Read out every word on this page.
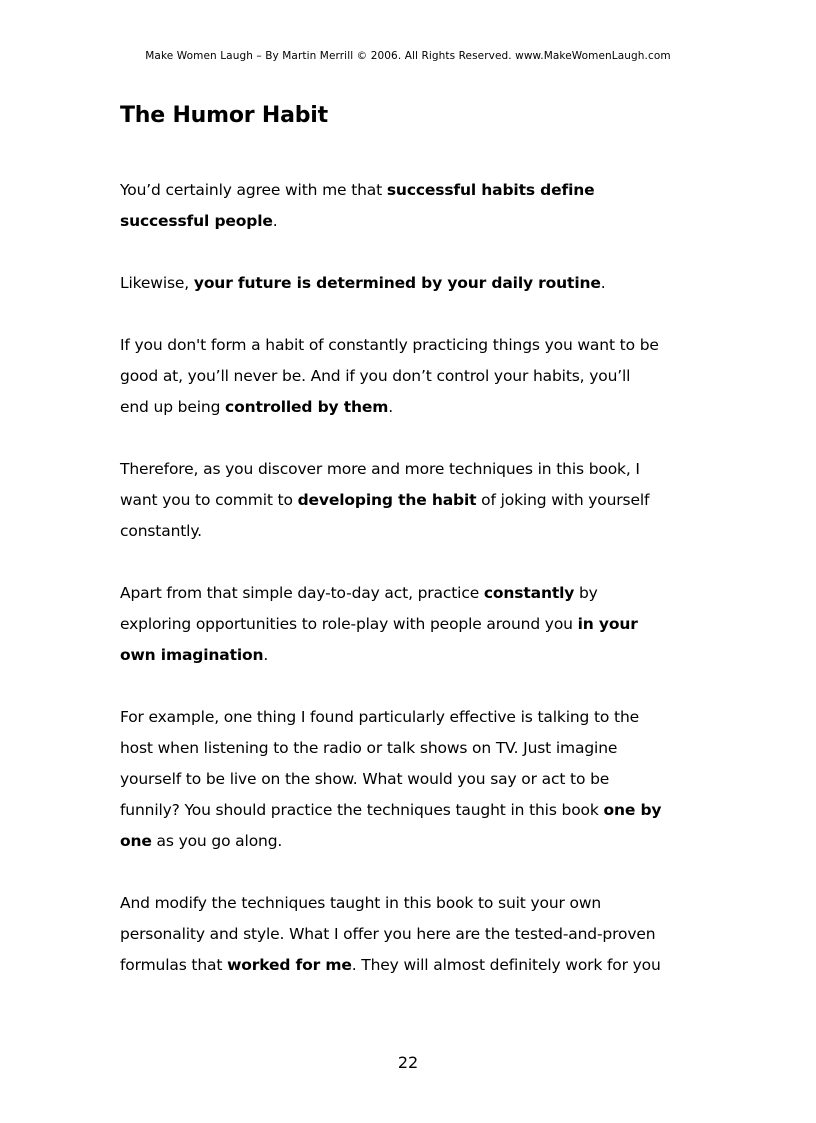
Make Women Laugh – By Martin Merrill © 2006. All Rights Reserved. www.MakeWomenLaugh.com
The Humor Habit

You’d certainly agree with me that successful habits define
successful people.

Likewise, your future is determined by your daily routine.

If you don't form a habit of constantly practicing things you want to be
good at, you’ll never be. And if you don’t control your habits, you’ll
end up being controlled by them.

Therefore, as you discover more and more techniques in this book, I
want you to commit to developing the habit of joking with yourself
constantly.

Apart from that simple day-to-day act, practice constantly by
exploring opportunities to role-play with people around you in your
own imagination.

For example, one thing I found particularly effective is talking to the
host when listening to the radio or talk shows on TV. Just imagine
yourself to be live on the show. What would you say or act to be
funnily? You should practice the techniques taught in this book one by
one as you go along.

And modify the techniques taught in this book to suit your own
personality and style. What I offer you here are the tested-and-proven
formulas that worked for me. They will almost definitely work for you

22
